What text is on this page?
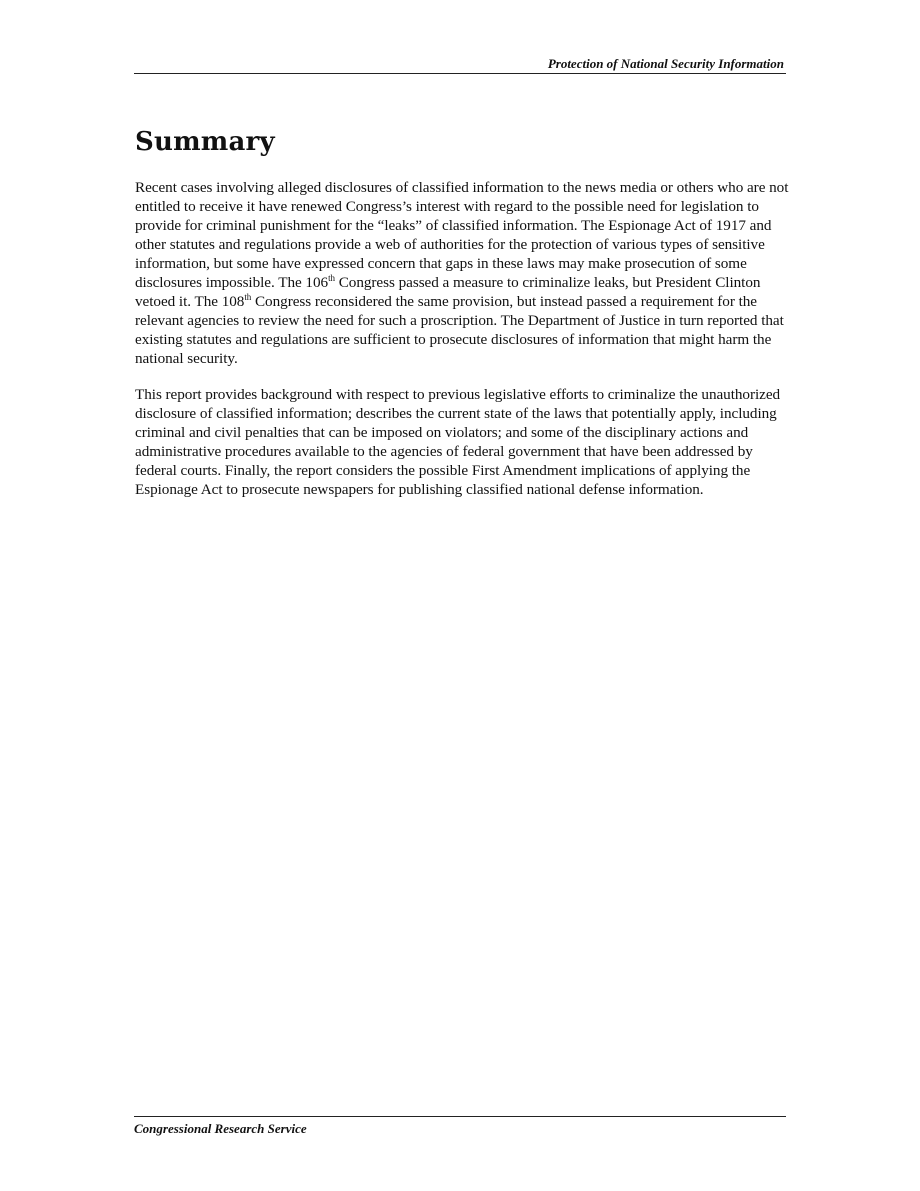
Protection of National Security Information
Summary

Recent cases involving alleged disclosures of classified information to the news media or others who are not entitled to receive it have renewed Congress’s interest with regard to the possible need for legislation to provide for criminal punishment for the “leaks” of classified information. The Espionage Act of 1917 and other statutes and regulations provide a web of authorities for the protection of various types of sensitive information, but some have expressed concern that gaps in these laws may make prosecution of some disclosures impossible. The 106th Congress passed a measure to criminalize leaks, but President Clinton vetoed it. The 108th Congress reconsidered the same provision, but instead passed a requirement for the relevant agencies to review the need for such a proscription. The Department of Justice in turn reported that existing statutes and regulations are sufficient to prosecute disclosures of information that might harm the national security.

This report provides background with respect to previous legislative efforts to criminalize the unauthorized disclosure of classified information; describes the current state of the laws that potentially apply, including criminal and civil penalties that can be imposed on violators; and some of the disciplinary actions and administrative procedures available to the agencies of federal government that have been addressed by federal courts. Finally, the report considers the possible First Amendment implications of applying the Espionage Act to prosecute newspapers for publishing classified national defense information.

Congressional Research Service
